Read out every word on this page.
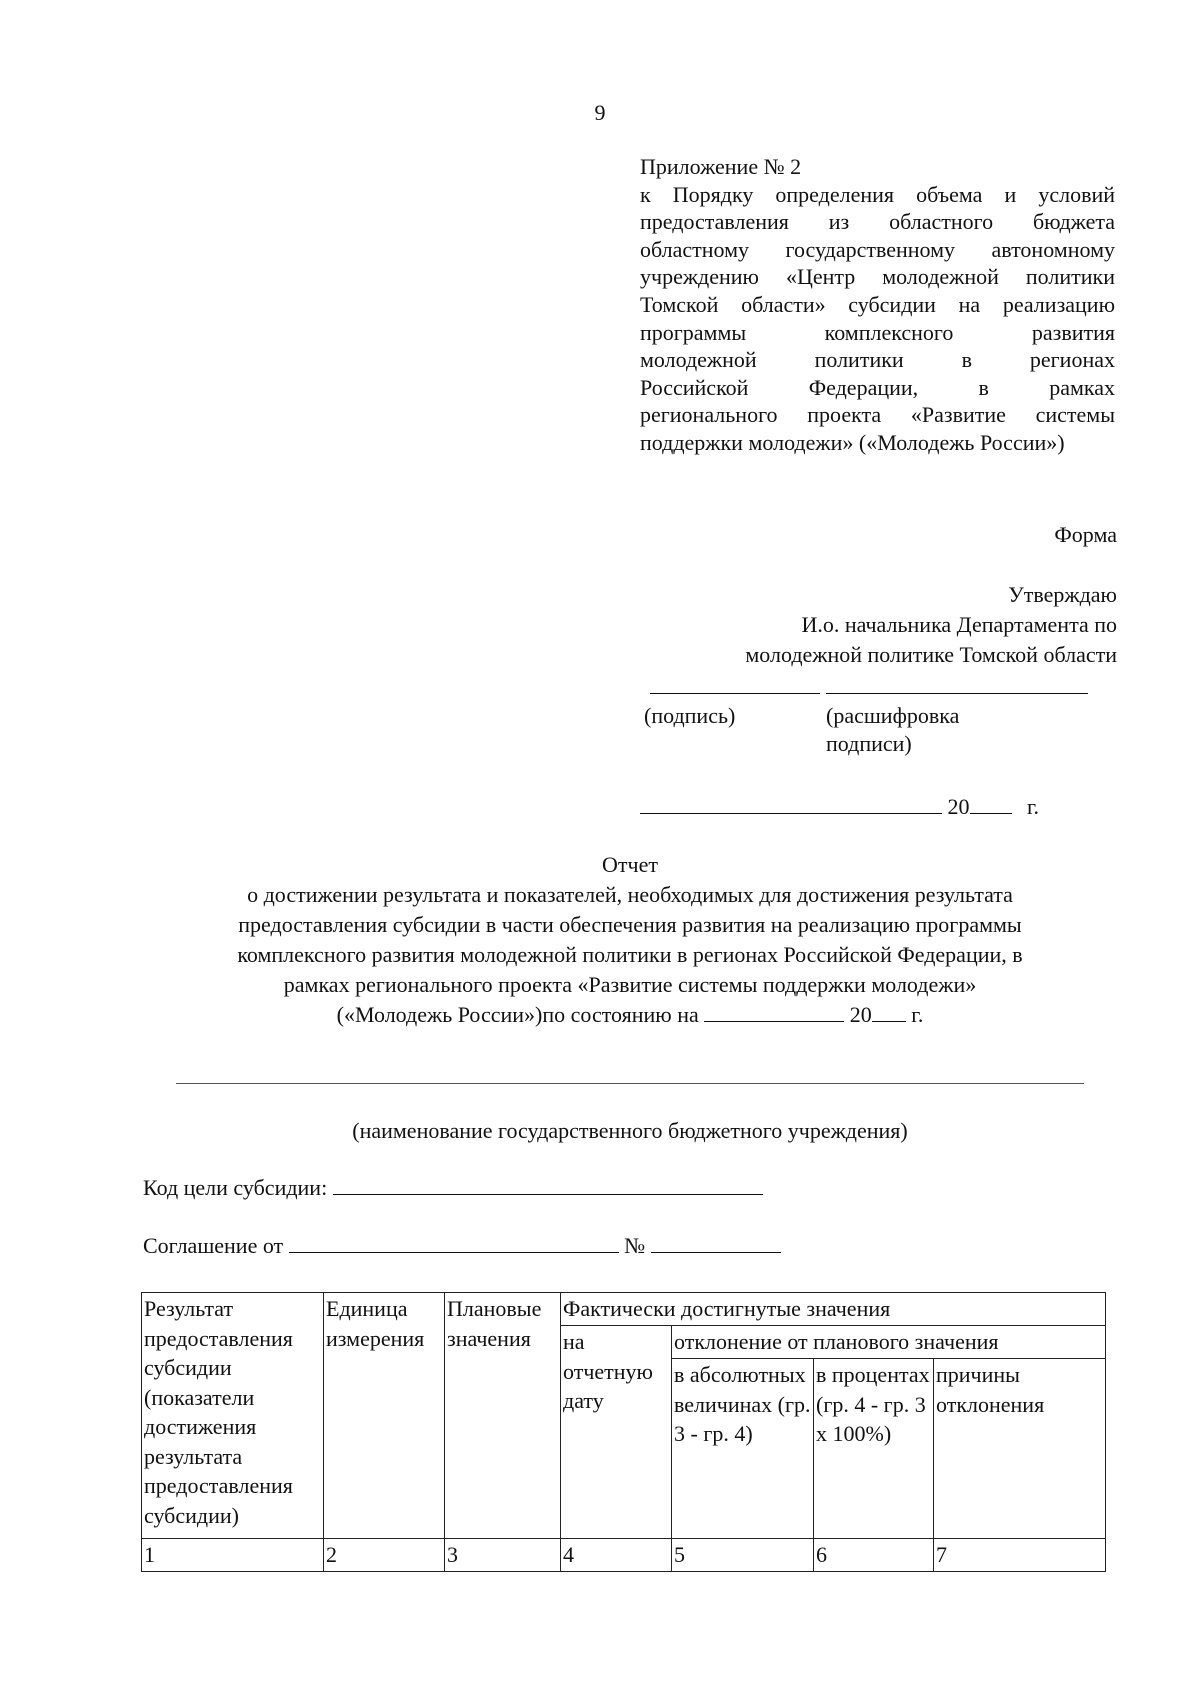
9
Приложение № 2
к Порядку определения объема и условий
предоставления из областного бюджета
областному государственному автономному
учреждению «Центр молодежной политики
Томской области» субсидии на реализацию
программы комплексного развития
молодежной политики в регионах
Российской Федерации, в рамках
регионального проекта «Развитие системы
поддержки молодежи» («Молодежь России»)
Форма
Утверждаю
И.о. начальника Департамента по
молодежной политике Томской области
(подпись)	(расшифровка подписи)
20	г.
Отчет
о достижении результата и показателей, необходимых для достижения результата
предоставления субсидии в части обеспечения развития на реализацию программы
комплексного развития молодежной политики в регионах Российской Федерации, в
рамках регионального проекта «Развитие системы поддержки молодежи»
(«Молодежь России»)по состоянию на	20 г.
(наименование государственного бюджетного учреждения)
Код цели субсидии:
Соглашение от	№
Результат предоставления субсидии (показатели достижения результата предоставления субсидии)	Единица измерения	Плановые значения	Фактически достигнутые значения			
			на отчетную дату	отклонение от планового значения		
				в абсолютных величинах (гр. 3 - гр. 4)	в процентах (гр. 4 - гр. 3 х 100%)	причины отклонения
1	2	3	4	5	6	7
